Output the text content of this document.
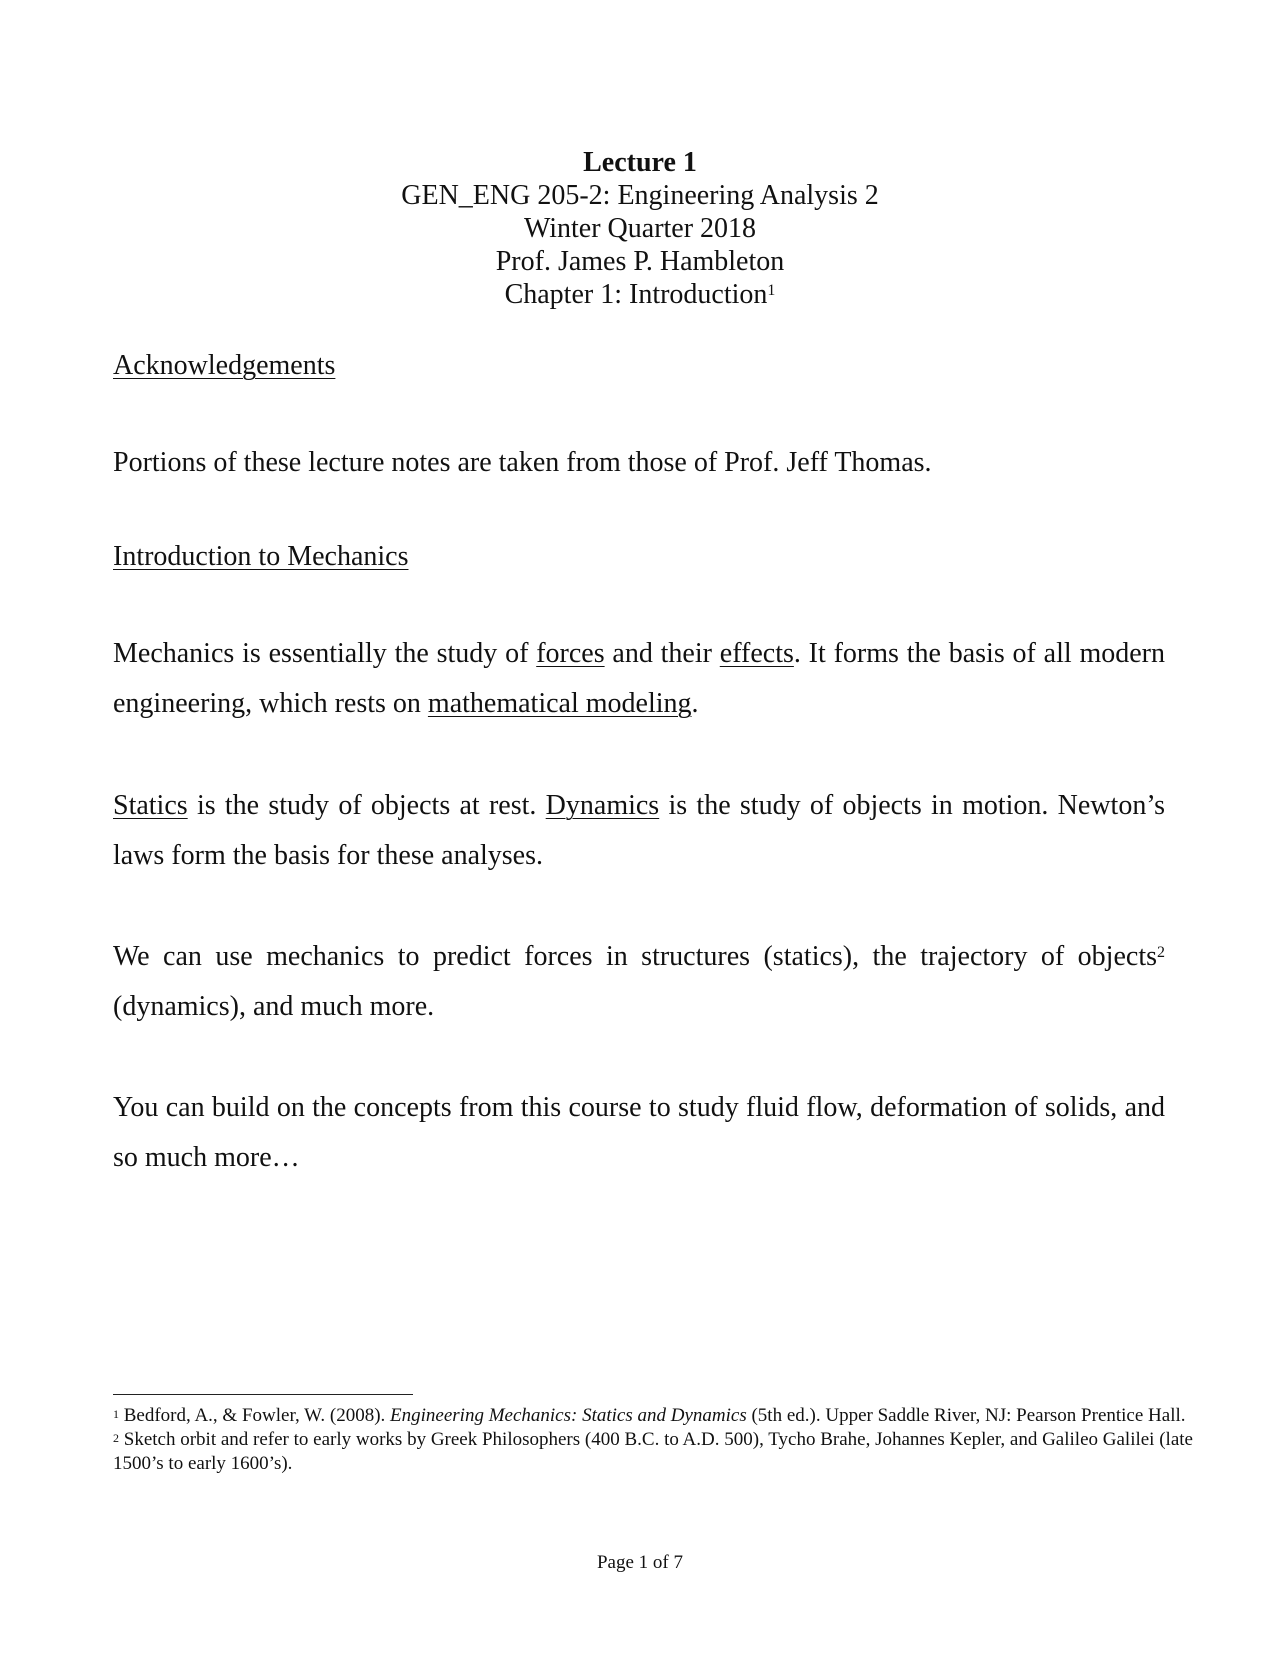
Lecture 1
GEN_ENG 205-2: Engineering Analysis 2
Winter Quarter 2018
Prof. James P. Hambleton
Chapter 1: Introduction$^1$
Acknowledgements
Portions of these lecture notes are taken from those of Prof. Jeff Thomas.
Introduction to Mechanics
Mechanics is essentially the study of forces and their effects. It forms the basis of all modern engineering, which rests on mathematical modeling.
Statics is the study of objects at rest. Dynamics is the study of objects in motion. Newton’s laws form the basis for these analyses.
We can use mechanics to predict forces in structures (statics), the trajectory of objects$^2$ (dynamics), and much more.
You can build on the concepts from this course to study fluid flow, deformation of solids, and so much more…
$^1$ Bedford, A., & Fowler, W. (2008). Engineering Mechanics: Statics and Dynamics (5th ed.). Upper Saddle River, NJ: Pearson Prentice Hall.
$^2$ Sketch orbit and refer to early works by Greek Philosophers (400 B.C. to A.D. 500), Tycho Brahe, Johannes Kepler, and Galileo Galilei (late 1500’s to early 1600’s).
Page 1 of 7
